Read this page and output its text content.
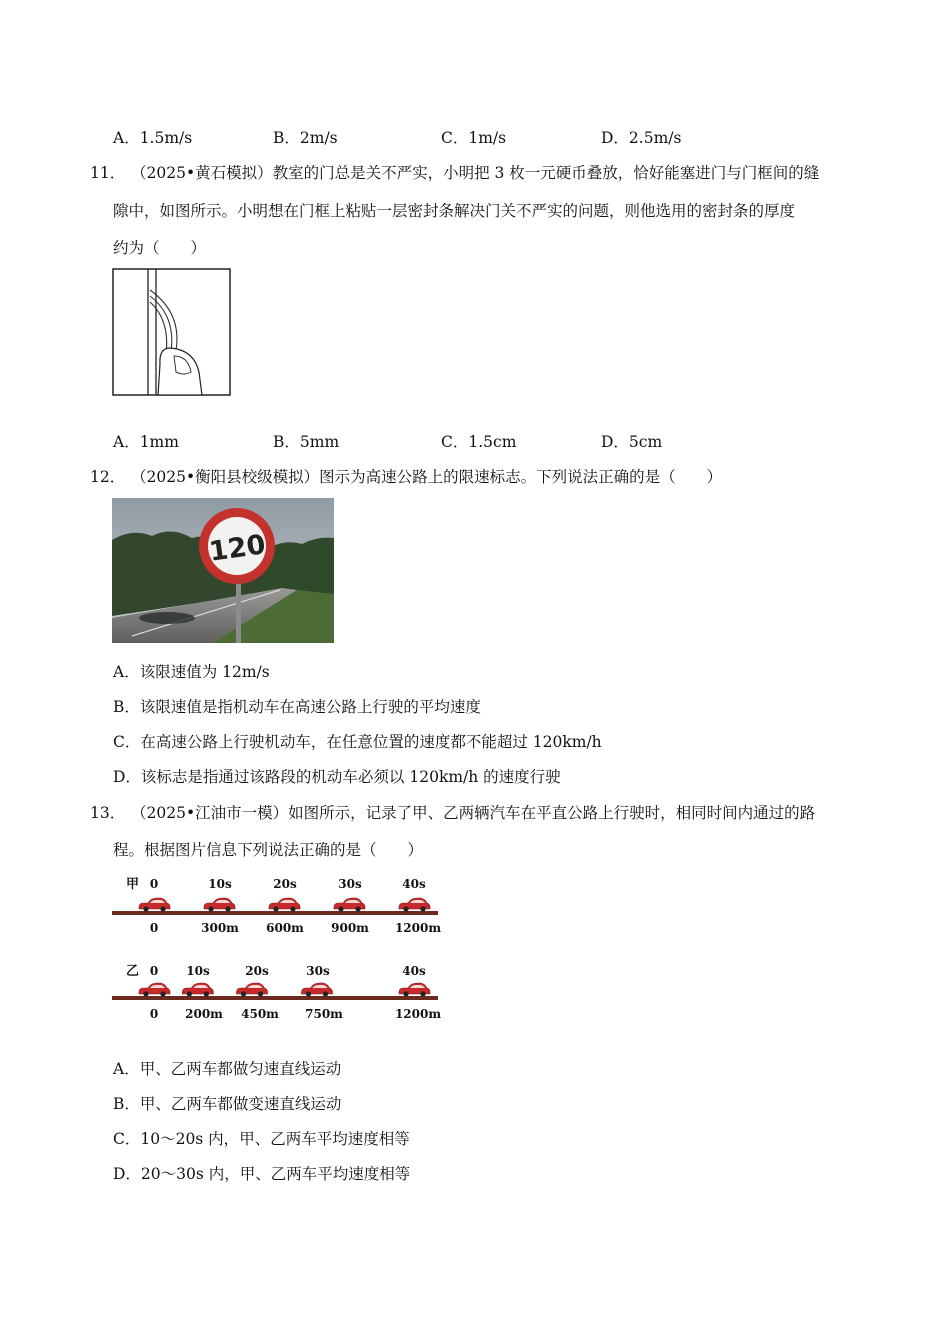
A．1.5m/s	B．2m/s	C．1m/s	D．2.5m/s
11． （2025•黄石模拟）教室的门总是关不严实，小明把 3 枚一元硬币叠放，恰好能塞进门与门框间的缝
隙中，如图所示。小明想在门框上粘贴一层密封条解决门关不严实的问题，则他选用的密封条的厚度
约为（　　）
A．1mm	B．5mm	C．1.5cm	D．5cm
12． （2025•衡阳县校级模拟）图示为高速公路上的限速标志。下列说法正确的是（　　）
120
A．该限速值为 12m/s
B．该限速值是指机动车在高速公路上行驶的平均速度
C．在高速公路上行驶机动车，在任意位置的速度都不能超过 120km/h
D．该标志是指通过该路段的机动车必须以 120km/h 的速度行驶
13． （2025•江油市一模）如图所示，记录了甲、乙两辆汽车在平直公路上行驶时，相同时间内通过的路
程。根据图片信息下列说法正确的是（　　）
甲 0	10s	20s	30s	40s
0	300m 600m 900m 1200m
乙 0 10s	20s	30s	40s
0 200m 450m 750m	1200m
A．甲、乙两车都做匀速直线运动
B．甲、乙两车都做变速直线运动
C．10～20s 内，甲、乙两车平均速度相等
D．20～30s 内，甲、乙两车平均速度相等
